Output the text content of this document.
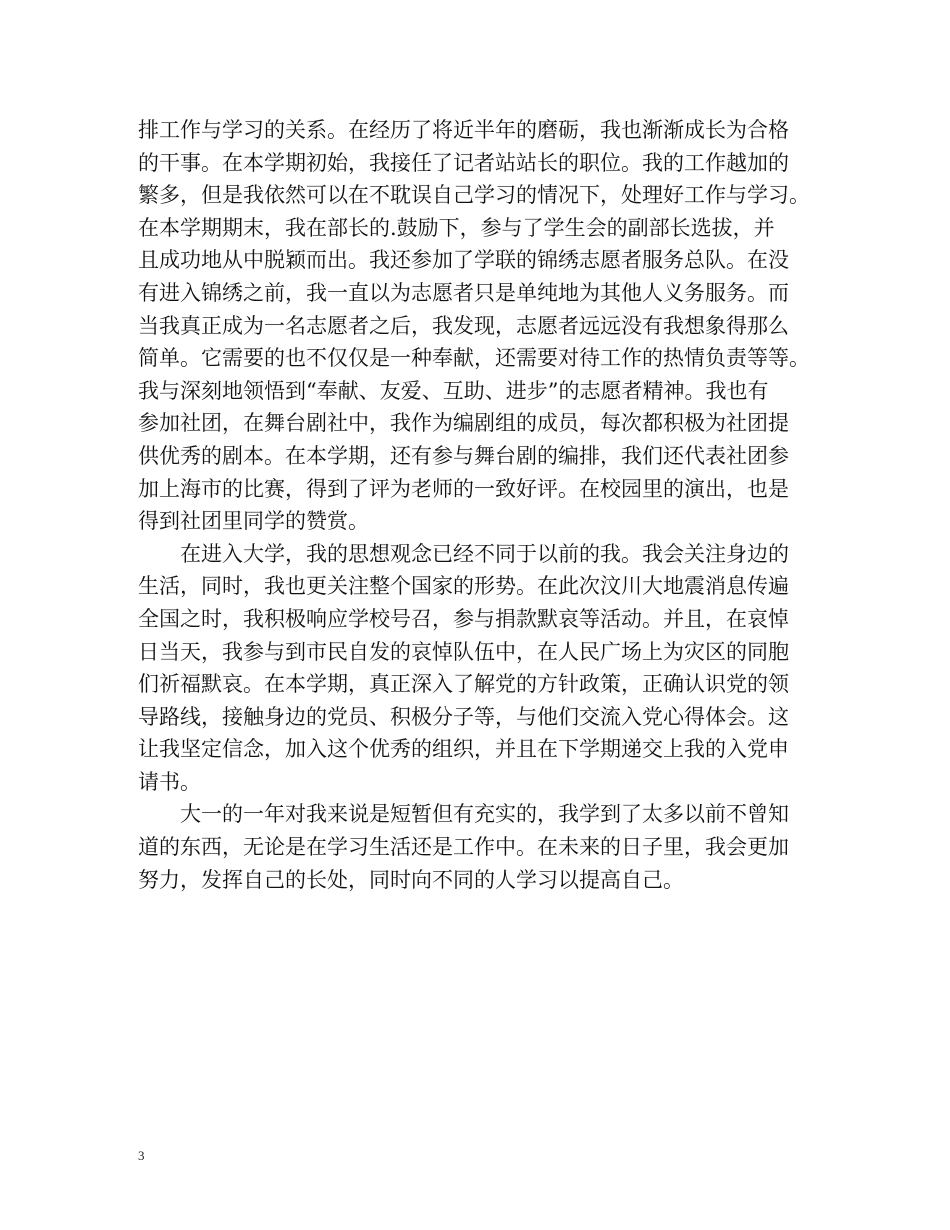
排工作与学习的关系。在经历了将近半年的磨砺，我也渐渐成长为合格
的干事。在本学期初始，我接任了记者站站长的职位。我的工作越加的
繁多，但是我依然可以在不耽误自己学习的情况下，处理好工作与学习。
在本学期期末，我在部长的.鼓励下，参与了学生会的副部长选拔，并
且成功地从中脱颖而出。我还参加了学联的锦绣志愿者服务总队。在没
有进入锦绣之前，我一直以为志愿者只是单纯地为其他人义务服务。而
当我真正成为一名志愿者之后，我发现，志愿者远远没有我想象得那么
简单。它需要的也不仅仅是一种奉献，还需要对待工作的热情负责等等。
我与深刻地领悟到“奉献、友爱、互助、进步”的志愿者精神。我也有
参加社团，在舞台剧社中，我作为编剧组的成员，每次都积极为社团提
供优秀的剧本。在本学期，还有参与舞台剧的编排，我们还代表社团参
加上海市的比赛，得到了评为老师的一致好评。在校园里的演出，也是
得到社团里同学的赞赏。
　　在进入大学，我的思想观念已经不同于以前的我。我会关注身边的
生活，同时，我也更关注整个国家的形势。在此次汶川大地震消息传遍
全国之时，我积极响应学校号召，参与捐款默哀等活动。并且，在哀悼
日当天，我参与到市民自发的哀悼队伍中，在人民广场上为灾区的同胞
们祈福默哀。在本学期，真正深入了解党的方针政策，正确认识党的领
导路线，接触身边的党员、积极分子等，与他们交流入党心得体会。这
让我坚定信念，加入这个优秀的组织，并且在下学期递交上我的入党申
请书。
　　大一的一年对我来说是短暂但有充实的，我学到了太多以前不曾知
道的东西，无论是在学习生活还是工作中。在未来的日子里，我会更加
努力，发挥自己的长处，同时向不同的人学习以提高自己。
3
